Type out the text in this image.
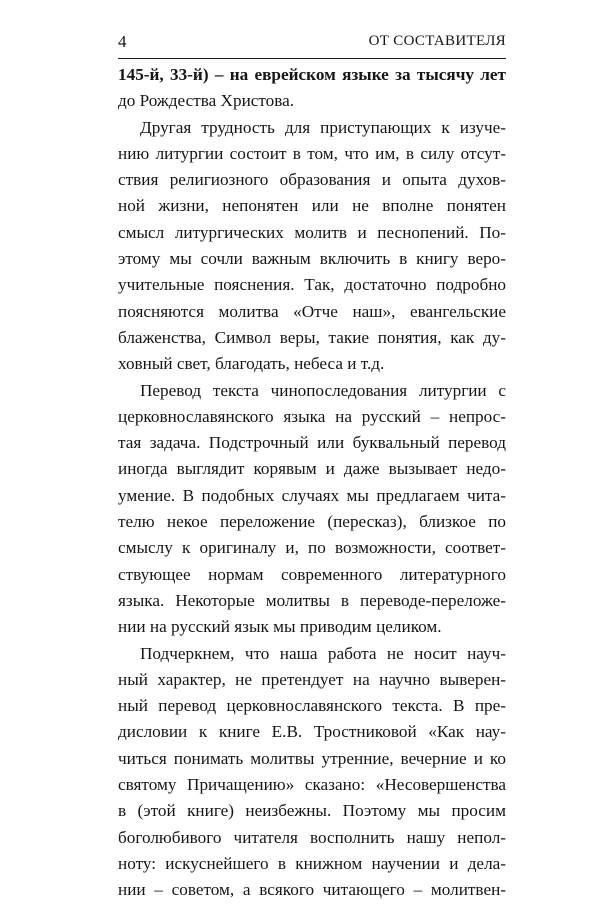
4	ОТ СОСТАВИТЕЛЯ
145-й, 33-й) – на еврейском языке за тысячу лет
до Рождества Христова.
Другая трудность для приступающих к изуче-
нию литургии состоит в том, что им, в силу отсут-
ствия религиозного образования и опыта духов-
ной жизни, непонятен или не вполне понятен
смысл литургических молитв и песнопений. По-
этому мы сочли важным включить в книгу веро-
учительные пояснения. Так, достаточно подробно
поясняются молитва «Отче наш», евангельские
блаженства, Символ веры, такие понятия, как ду-
ховный свет, благодать, небеса и т.д.
Перевод текста чинопоследования литургии с
церковнославянского языка на русский – непрос-
тая задача. Подстрочный или буквальный перевод
иногда выглядит корявым и даже вызывает недо-
умение. В подобных случаях мы предлагаем чита-
телю некое переложение (пересказ), близкое по
смыслу к оригиналу и, по возможности, соответ-
ствующее нормам современного литературного
языка. Некоторые молитвы в переводе-переложе-
нии на русский язык мы приводим целиком.
Подчеркнем, что наша работа не носит науч-
ный характер, не претендует на научно выверен-
ный перевод церковнославянского текста. В пре-
дисловии к книге Е.В. Тростниковой «Как нау-
читься понимать молитвы утренние, вечерние и ко
святому Причащению» сказано: «Несовершенства
в (этой книге) неизбежны. Поэтому мы просим
боголюбивого читателя восполнить нашу непол-
ноту: искуснейшего в книжном научении и дела-
нии – советом, а всякого читающего – молитвен-
